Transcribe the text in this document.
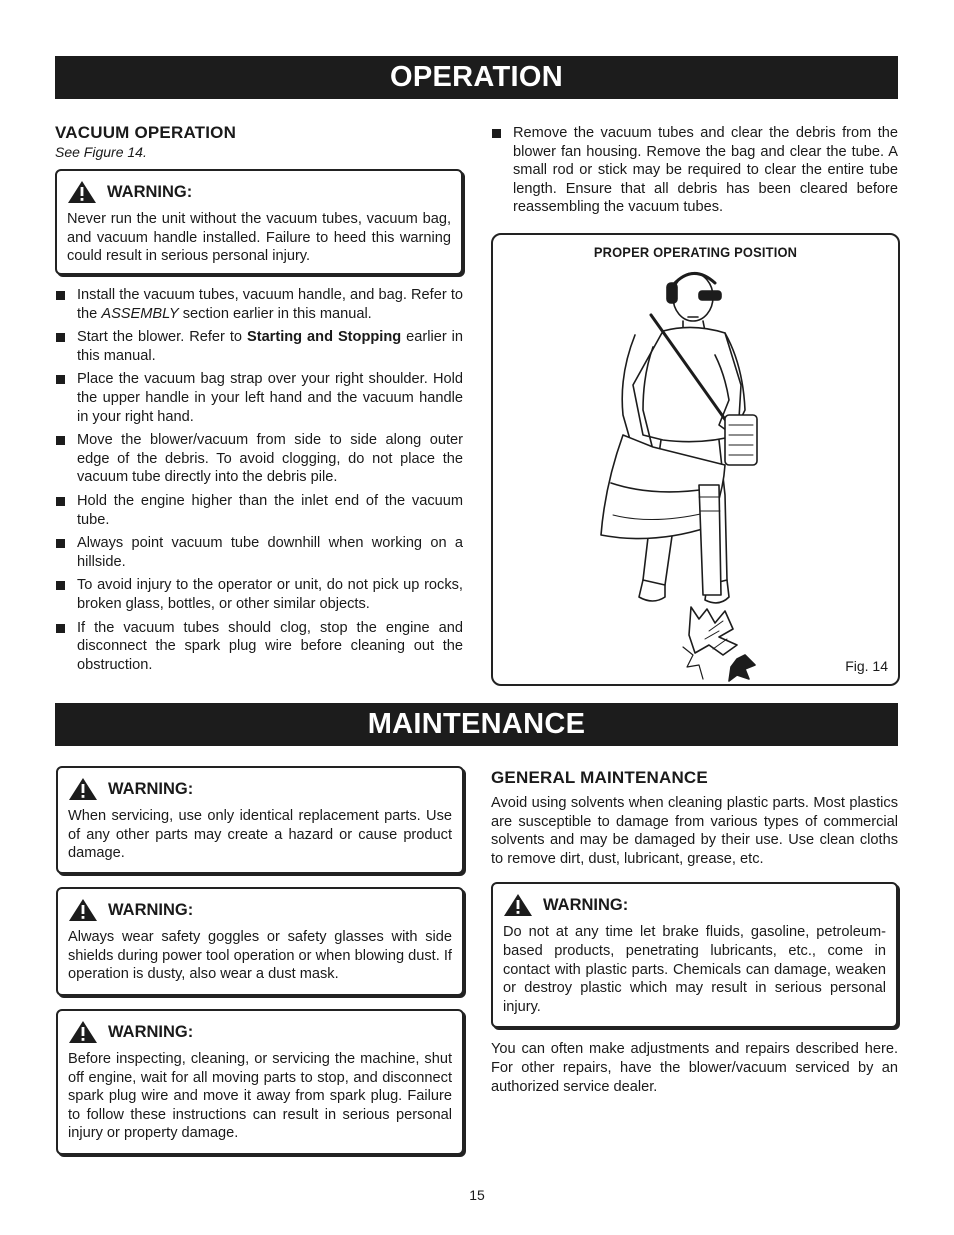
OPERATION
VACUUM OPERATION
See Figure 14.
WARNING:
Never run the unit without the vacuum tubes, vacuum bag, and vacuum handle installed. Failure to heed this warning could result in serious personal injury.
Install the vacuum tubes, vacuum handle, and bag. Refer to the ASSEMBLY section earlier in this manual.
Start the blower. Refer to Starting and Stopping earlier in this manual.
Place the vacuum bag strap over your right shoulder. Hold the upper handle in your left hand and the vacuum handle in your right hand.
Move the blower/vacuum from side to side along outer edge of the debris. To avoid clogging, do not place the vacuum tube directly into the debris pile.
Hold the engine higher than the inlet end of the vacuum tube.
Always point vacuum tube downhill when working on a hillside.
To avoid injury to the operator or unit, do not pick up rocks, broken glass, bottles, or other similar objects.
If the vacuum tubes should clog, stop the engine and disconnect the spark plug wire before cleaning out the obstruction.
Remove the vacuum tubes and clear the debris from the blower fan housing. Remove the bag and clear the tube. A small rod or stick may be required to clear the entire tube length. Ensure that all debris has been cleared before reassembling the vacuum tubes.
PROPER OPERATING POSITION
Fig. 14
MAINTENANCE
WARNING:
When servicing, use only identical replacement parts. Use of any other parts may create a hazard or cause product damage.
WARNING:
Always wear safety goggles or safety glasses with side shields during power tool operation or when blowing dust. If operation is dusty, also wear a dust mask.
WARNING:
Before inspecting, cleaning, or servicing the machine, shut off engine, wait for all moving parts to stop, and disconnect spark plug wire and move it away from spark plug. Failure to follow these instructions can result in serious personal injury or property damage.
GENERAL MAINTENANCE
Avoid using solvents when cleaning plastic parts. Most plastics are susceptible to damage from various types of commercial solvents and may be damaged by their use. Use clean cloths to remove dirt, dust, lubricant, grease, etc.
WARNING:
Do not at any time let brake fluids, gasoline, petroleum-based products, penetrating lubricants, etc., come in contact with plastic parts. Chemicals can damage, weaken or destroy plastic which may result in serious personal injury.
You can often make adjustments and repairs described here. For other repairs, have the blower/vacuum serviced by an authorized service dealer.
15
